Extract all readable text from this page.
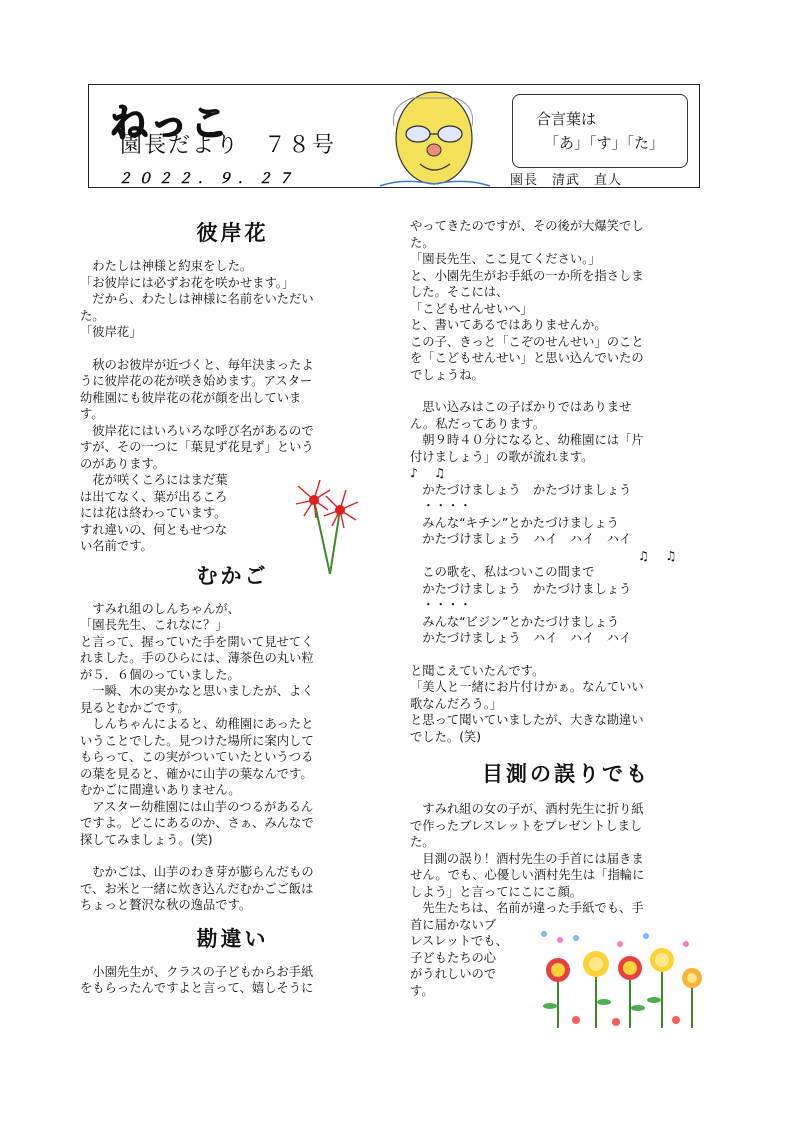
ねっこ
園長だより　７８号
２０２２．９．２７
合言葉は
「あ」「す」「た」
園長　清武　直人
彼岸花

　わたしは神様と約束をした。
「お彼岸には必ずお花を咲かせます。」
　だから、わたしは神様に名前をいただい
た。
「彼岸花」

　秋のお彼岸が近づくと、毎年決まったよ
うに彼岸花の花が咲き始めます。アスター
幼稚園にも彼岸花の花が顔を出していま
す。
　彼岸花にはいろいろな呼び名があるので
すが、その一つに「葉見ず花見ず」という
のがあります。

　花が咲くころにはまだ葉
は出てなく、葉が出るころ
には花は終わっています。
すれ違いの、何ともせつな
い名前です。

むかご

　すみれ組のしんちゃんが、
「園長先生、これなに？」
と言って、握っていた手を開いて見せてく
れました。手のひらには、薄茶色の丸い粒
が５．６個のっていました。
　一瞬、木の実かなと思いましたが、よく
見るとむかごです。
　しんちゃんによると、幼稚園にあったと
いうことでした。見つけた場所に案内して
もらって、この実がついていたというつる
の葉を見ると、確かに山芋の葉なんです。
むかごに間違いありません。
　アスター幼稚園には山芋のつるがあるん
ですよ。どこにあるのか、さぁ、みんなで
探してみましょう。(笑)

　むかごは、山芋のわき芽が膨らんだもの
で、お米と一緒に炊き込んだむかごご飯は
ちょっと贅沢な秋の逸品です。

勘違い

　小園先生が、クラスの子どもからお手紙
をもらったんですよと言って、嬉しそうに

やってきたのですが、その後が大爆笑でし
た。
「園長先生、ここ見てください。」
と、小園先生がお手紙の一か所を指さしま
した。そこには、
「こどもせんせいへ」
と、書いてあるではありませんか。
この子、きっと「こぞのせんせい」のこと
を「こどもせんせい」と思い込んでいたの
でしょうね。

　思い込みはこの子ばかりではありませ
ん。私だってあります。
　朝９時４０分になると、幼稚園には「片
付けましょう」の歌が流れます。

♪　♫

　かたづけましょう　かたづけましょう
　・・・・
　みんな“キチン”とかたづけましょう
　かたづけましょう　ハイ　ハイ　ハイ

♫　♫

　この歌を、私はついこの間まで
　かたづけましょう　かたづけましょう
　・・・・
　みんな“ビジン”とかたづけましょう
　かたづけましょう　ハイ　ハイ　ハイ

と聞こえていたんです。
「美人と一緒にお片付けかぁ。なんていい
歌なんだろう。」
と思って聞いていましたが、大きな勘違い
でした。(笑)

目測の誤りでも

　すみれ組の女の子が、酒村先生に折り紙
で作ったブレスレットをプレゼントしまし
た。
　目測の誤り！酒村先生の手首には届きま
せん。でも、心優しい酒村先生は「指輪に
しよう」と言ってにこにこ顔。
　先生たちは、名前が違った手紙でも、手

首に届かないブ
レスレットでも、
子どもたちの心
がうれしいので
す。
